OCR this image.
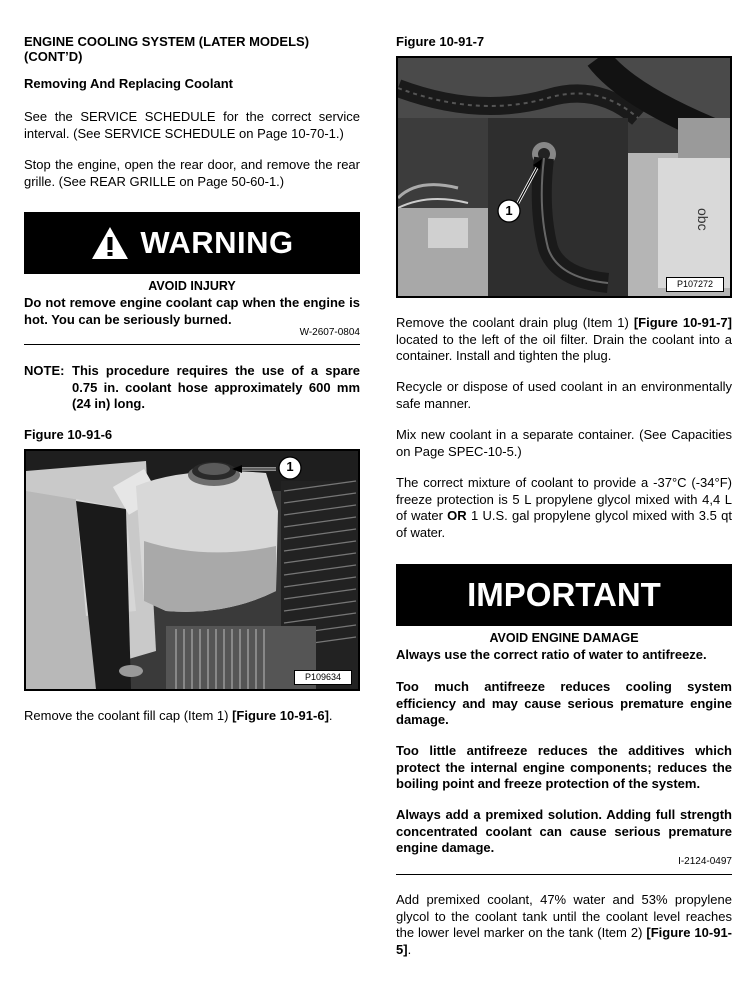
ENGINE COOLING SYSTEM (LATER MODELS) (CONT’D)
Removing And Replacing Coolant

See the SERVICE SCHEDULE for the correct service interval. (See SERVICE SCHEDULE on Page 10-70-1.)

Stop the engine, open the rear door, and remove the rear grille. (See REAR GRILLE on Page 50-60-1.)

WARNING
AVOID INJURY

Do not remove engine coolant cap when the engine is hot. You can be seriously burned.

W-2607-0804
NOTE: This procedure requires the use of a spare 0.75 in. coolant hose approximately 600 mm (24 in) long.

Figure 10-91-6
1
P109634

Remove the coolant fill cap (Item 1) [Figure 10-91-6].

Figure 10-91-7
obc
1
P107272

Remove the coolant drain plug (Item 1) [Figure 10-91-7] located to the left of the oil filter. Drain the coolant into a container. Install and tighten the plug.

Recycle or dispose of used coolant in an environmentally safe manner.

Mix new coolant in a separate container. (See Capacities on Page SPEC-10-5.)

The correct mixture of coolant to provide a -37°C (-34°F) freeze protection is 5 L propylene glycol mixed with 4,4 L of water OR 1 U.S. gal propylene glycol mixed with 3.5 qt of water.

IMPORTANT
AVOID ENGINE DAMAGE

Always use the correct ratio of water to antifreeze.

Too much antifreeze reduces cooling system efficiency and may cause serious premature engine damage.

Too little antifreeze reduces the additives which protect the internal engine components; reduces the boiling point and freeze protection of the system.

Always add a premixed solution. Adding full strength concentrated coolant can cause serious premature engine damage.

I-2124-0497

Add premixed coolant, 47% water and 53% propylene glycol to the coolant tank until the coolant level reaches the lower level marker on the tank (Item 2) [Figure 10-91-5].
